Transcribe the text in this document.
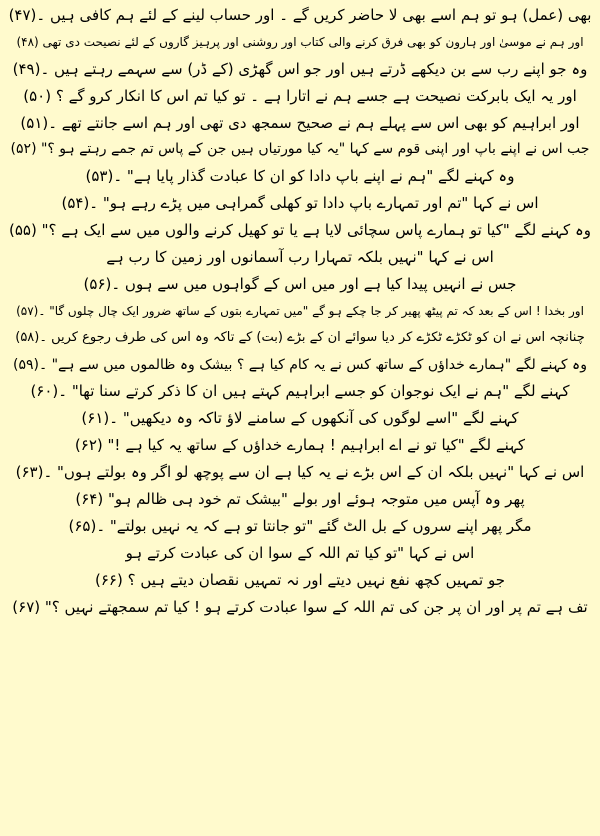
بھی (عمل) ہو تو ہم اسے بھی لا حاضر کریں گے ۔ اور حساب لینے کے لئے ہم کافی ہیں ۔(۴۷)
اور ہم نے موسیٰ اور ہارون کو بھی فرق کرنے والی کتاب اور روشنی اور پرہیز گاروں کے لئے نصیحت دی تھی (۴۸)
وہ جو اپنے رب سے بن دیکھے ڈرتے ہیں اور جو اس گھڑی (کے ڈر) سے سہمے رہتے ہیں ۔(۴۹)
اور یہ ایک بابرکت نصیحت ہے جسے ہم نے اتارا ہے ۔ تو کیا تم اس کا انکار کرو گے ؟ (۵۰)
اور ابراہیم کو بھی اس سے پہلے ہم نے صحیح سمجھ دی تھی اور ہم اسے جانتے تھے ۔(۵۱)
جب اس نے اپنے باپ اور اپنی قوم سے کہا "یہ کیا مورتیاں ہیں جن کے پاس تم جمے رہتے ہو ؟" (۵۲)
وہ کہنے لگے "ہم نے اپنے باپ دادا کو ان کا عبادت گذار پایا ہے" ۔(۵۳)
اس نے کہا "تم اور تمہارے باپ دادا تو کھلی گمراہی میں پڑے رہے ہو" ۔(۵۴)
وہ کہنے لگے "کیا تو ہمارے پاس سچائی لایا ہے یا تو کھیل کرنے والوں میں سے ایک ہے ؟" (۵۵)
اس نے کہا "نہیں بلکہ تمہارا رب آسمانوں اور زمین کا رب ہے
جس نے انہیں پیدا کیا ہے اور میں اس کے گواہوں میں سے ہوں ۔(۵۶)
اور بخدا ! اس کے بعد کہ تم پیٹھ پھیر کر جا چکے ہو گے "میں تمہارے بتوں کے ساتھ ضرور ایک چال چلوں گا" ۔(۵۷)
چنانچہ اس نے ان کو ٹکڑے ٹکڑے کر دیا سوائے ان کے بڑے (بت) کے تاکہ وہ اس کی طرف رجوع کریں ۔(۵۸)
وہ کہنے لگے "ہمارے خداؤں کے ساتھ کس نے یہ کام کیا ہے ؟ بیشک وہ ظالموں میں سے ہے" ۔(۵۹)
کہنے لگے "ہم نے ایک نوجوان کو جسے ابراہیم کہتے ہیں ان کا ذکر کرتے سنا تھا" ۔(۶۰)
کہنے لگے "اسے لوگوں کی آنکھوں کے سامنے لاؤ تاکہ وہ دیکھیں" ۔(۶۱)
کہنے لگے "کیا تو نے اے ابراہیم ! ہمارے خداؤں کے ساتھ یہ کیا ہے !" (۶۲)
اس نے کہا "نہیں بلکہ ان کے اس بڑے نے یہ کیا ہے ان سے پوچھ لو اگر وہ بولتے ہوں" ۔(۶۳)
پھر وہ آپس میں متوجہ ہوئے اور بولے "بیشک تم خود ہی ظالم ہو" (۶۴)
مگر پھر اپنے سروں کے بل الٹ گئے "تو جانتا تو ہے کہ یہ نہیں بولتے" ۔(۶۵)
اس نے کہا "تو کیا تم اللہ کے سوا ان کی عبادت کرتے ہو
جو تمہیں کچھ نفع نہیں دیتے اور نہ تمہیں نقصان دیتے ہیں ؟ (۶۶)
تف ہے تم پر اور ان پر جن کی تم اللہ کے سوا عبادت کرتے ہو ! کیا تم سمجھتے نہیں ؟" (۶۷)
